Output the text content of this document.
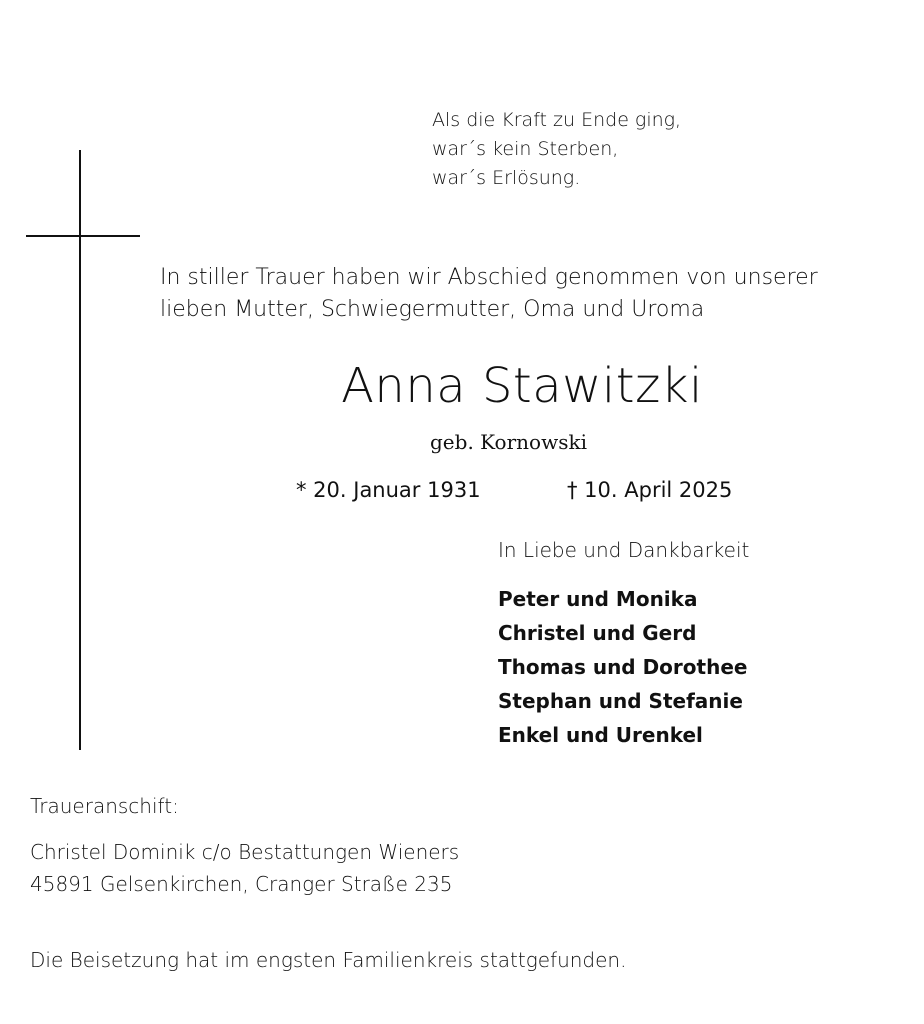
Als die Kraft zu Ende ging,
war´s kein Sterben,
war´s Erlösung.
In stiller Trauer haben wir Abschied genommen von unserer
lieben Mutter, Schwiegermutter, Oma und Uroma
Anna Stawitzki
geb. Kornowski
* 20. Januar 1931	† 10. April 2025
In Liebe und Dankbarkeit
Peter und Monika
Christel und Gerd
Thomas und Dorothee
Stephan und Stefanie
Enkel und Urenkel
Traueranschift:
Christel Dominik c/o Bestattungen Wieners
45891 Gelsenkirchen, Cranger Straße 235
Die Beisetzung hat im engsten Familienkreis stattgefunden.
